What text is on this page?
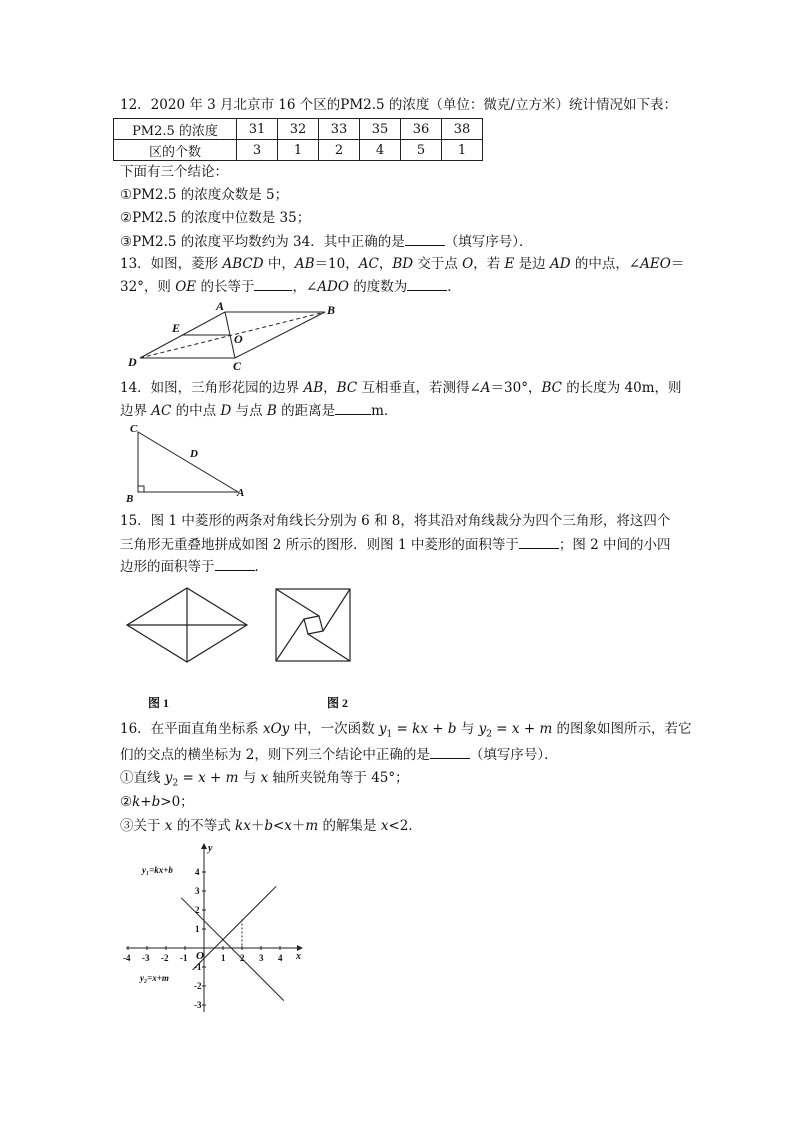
12．2020 年 3 月北京市 16 个区的PM2.5 的浓度（单位：微克/立方米）统计情况如下表：
PM2.5 的浓度	31	32	33	35	36	38
区的个数	3	1	2	4	5	1
下面有三个结论：
①PM2.5 的浓度众数是 5；
②PM2.5 的浓度中位数是 35；
③PM2.5 的浓度平均数约为 34．其中正确的是	（填写序号）．
13．如图，菱形 ABCD 中，AB＝10，AC，BD 交于点 O，若 E 是边 AD 的中点，∠AEO＝
32°，则 OE 的长等于	，∠ADO 的度数为	．
A	B
C
D
E
O
14．如图，三角形花园的边界 AB，BC 互相垂直，若测得∠A＝30°，BC 的长度为 40m，则
边界 AC 的中点 D 与点 B 的距离是	m．
C
D
B	A
15．图 1 中菱形的两条对角线长分别为 6 和 8，将其沿对角线裁分为四个三角形，将这四个
三角形无重叠地拼成如图 2 所示的图形．则图 1 中菱形的面积等于	；图 2 中间的小四
边形的面积等于	．
图 1	图 2
16．在平面直角坐标系 xOy 中，一次函数 $y_1$ = kx + b 与 $y_2 = x + m$ 的图象如图所示，若它
们的交点的横坐标为 2，则下列三个结论中正确的是	（填写序号）．
①直线 $y_2 = x + m$ 与 x 轴所夹锐角等于 45°；
②k+b>0；
③关于 x 的不等式 kx＋b<x＋m 的解集是 x<2．
-4 -3 -2 -1	1 2 3 4
4
3
2
1
-1
-2
-3
O	x
y
y₁=kx+b
y₂=x+m
